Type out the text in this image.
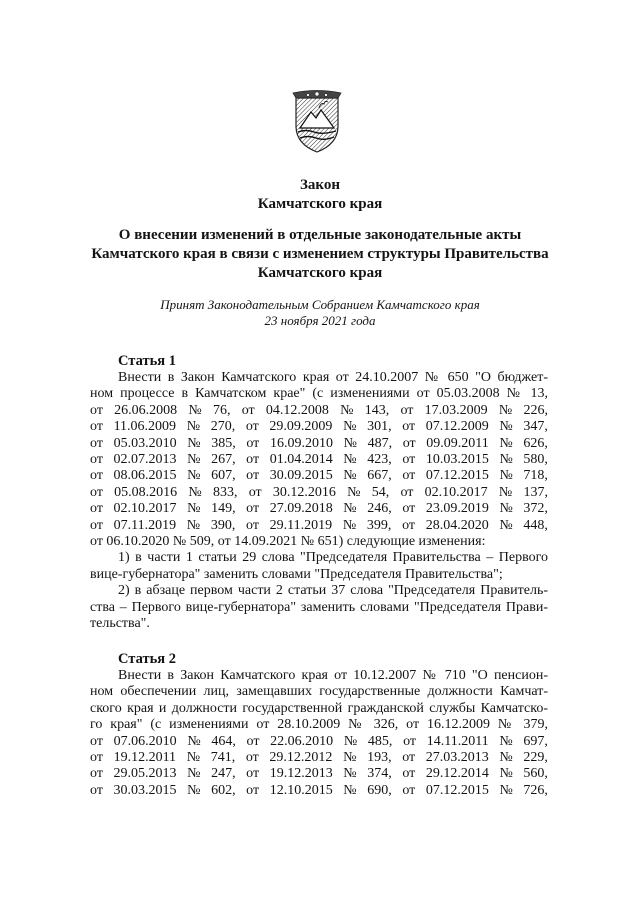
Закон
Камчатского края
О внесении изменений в отдельные законодательные акты
Камчатского края в связи с изменением структуры Правительства
Камчатского края
Принят Законодательным Собранием Камчатского края
23 ноября 2021 года
Статья 1
Внести в Закон Камчатского края от 24.10.2007 № 650 "О бюджет-
ном процессе в Камчатском крае" (с изменениями от 05.03.2008 № 13,
от 26.06.2008 № 76, от 04.12.2008 № 143, от 17.03.2009 № 226,
от 11.06.2009 № 270, от 29.09.2009 № 301, от 07.12.2009 № 347,
от 05.03.2010 № 385, от 16.09.2010 № 487, от 09.09.2011 № 626,
от 02.07.2013 № 267, от 01.04.2014 № 423, от 10.03.2015 № 580,
от 08.06.2015 № 607, от 30.09.2015 № 667, от 07.12.2015 № 718,
от 05.08.2016 № 833, от 30.12.2016 № 54, от 02.10.2017 № 137,
от 02.10.2017 № 149, от 27.09.2018 № 246, от 23.09.2019 № 372,
от 07.11.2019 № 390, от 29.11.2019 № 399, от 28.04.2020 № 448,
от 06.10.2020 № 509, от 14.09.2021 № 651) следующие изменения:
1) в части 1 статьи 29 слова "Председателя Правительства – Первого
вице-губернатора" заменить словами "Председателя Правительства";
2) в абзаце первом части 2 статьи 37 слова "Председателя Правитель-
ства – Первого вице-губернатора" заменить словами "Председателя Прави-
тельства".
Статья 2
Внести в Закон Камчатского края от 10.12.2007 № 710 "О пенсион-
ном обеспечении лиц, замещавших государственные должности Камчат-
ского края и должности государственной гражданской службы Камчатско-
го края" (с изменениями от 28.10.2009 № 326, от 16.12.2009 № 379,
от 07.06.2010 № 464, от 22.06.2010 № 485, от 14.11.2011 № 697,
от 19.12.2011 № 741, от 29.12.2012 № 193, от 27.03.2013 № 229,
от 29.05.2013 № 247, от 19.12.2013 № 374, от 29.12.2014 № 560,
от 30.03.2015 № 602, от 12.10.2015 № 690, от 07.12.2015 № 726,
